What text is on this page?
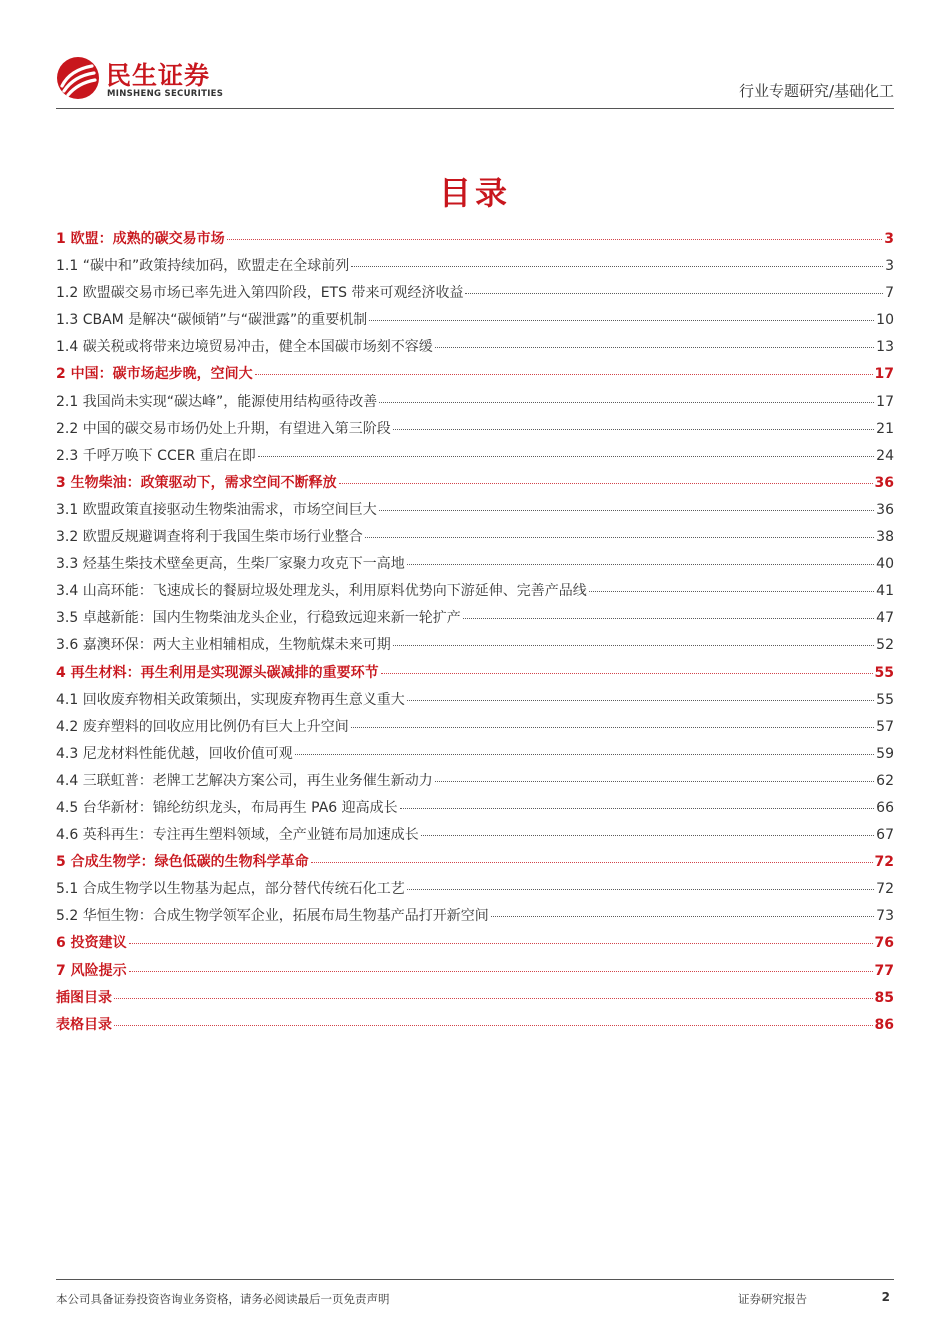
民生证券
MINSHENG SECURITIES	行业专题研究/基础化工
目录
1 欧盟：成熟的碳交易市场	3
1.1 “碳中和”政策持续加码，欧盟走在全球前列	3
1.2 欧盟碳交易市场已率先进入第四阶段，ETS 带来可观经济收益	7
1.3 CBAM 是解决“碳倾销”与“碳泄露”的重要机制	10
1.4 碳关税或将带来边境贸易冲击，健全本国碳市场刻不容缓	13
2 中国：碳市场起步晚，空间大	17
2.1 我国尚未实现“碳达峰”，能源使用结构亟待改善	17
2.2 中国的碳交易市场仍处上升期，有望进入第三阶段	21
2.3 千呼万唤下 CCER 重启在即	24
3 生物柴油：政策驱动下，需求空间不断释放	36
3.1 欧盟政策直接驱动生物柴油需求，市场空间巨大	36
3.2 欧盟反规避调查将利于我国生柴市场行业整合	38
3.3 烃基生柴技术壁垒更高，生柴厂家聚力攻克下一高地	40
3.4 山高环能：飞速成长的餐厨垃圾处理龙头，利用原料优势向下游延伸、完善产品线	41
3.5 卓越新能：国内生物柴油龙头企业，行稳致远迎来新一轮扩产	47
3.6 嘉澳环保：两大主业相辅相成，生物航煤未来可期	52
4 再生材料：再生利用是实现源头碳减排的重要环节	55
4.1 回收废弃物相关政策频出，实现废弃物再生意义重大	55
4.2 废弃塑料的回收应用比例仍有巨大上升空间	57
4.3 尼龙材料性能优越，回收价值可观	59
4.4 三联虹普：老牌工艺解决方案公司，再生业务催生新动力	62
4.5 台华新材：锦纶纺织龙头，布局再生 PA6 迎高成长	66
4.6 英科再生：专注再生塑料领域，全产业链布局加速成长	67
5 合成生物学：绿色低碳的生物科学革命	72
5.1 合成生物学以生物基为起点，部分替代传统石化工艺	72
5.2 华恒生物：合成生物学领军企业，拓展布局生物基产品打开新空间	73
6 投资建议	76
7 风险提示	77
插图目录	85
表格目录	86
本公司具备证券投资咨询业务资格，请务必阅读最后一页免责声明	证券研究报告	2
